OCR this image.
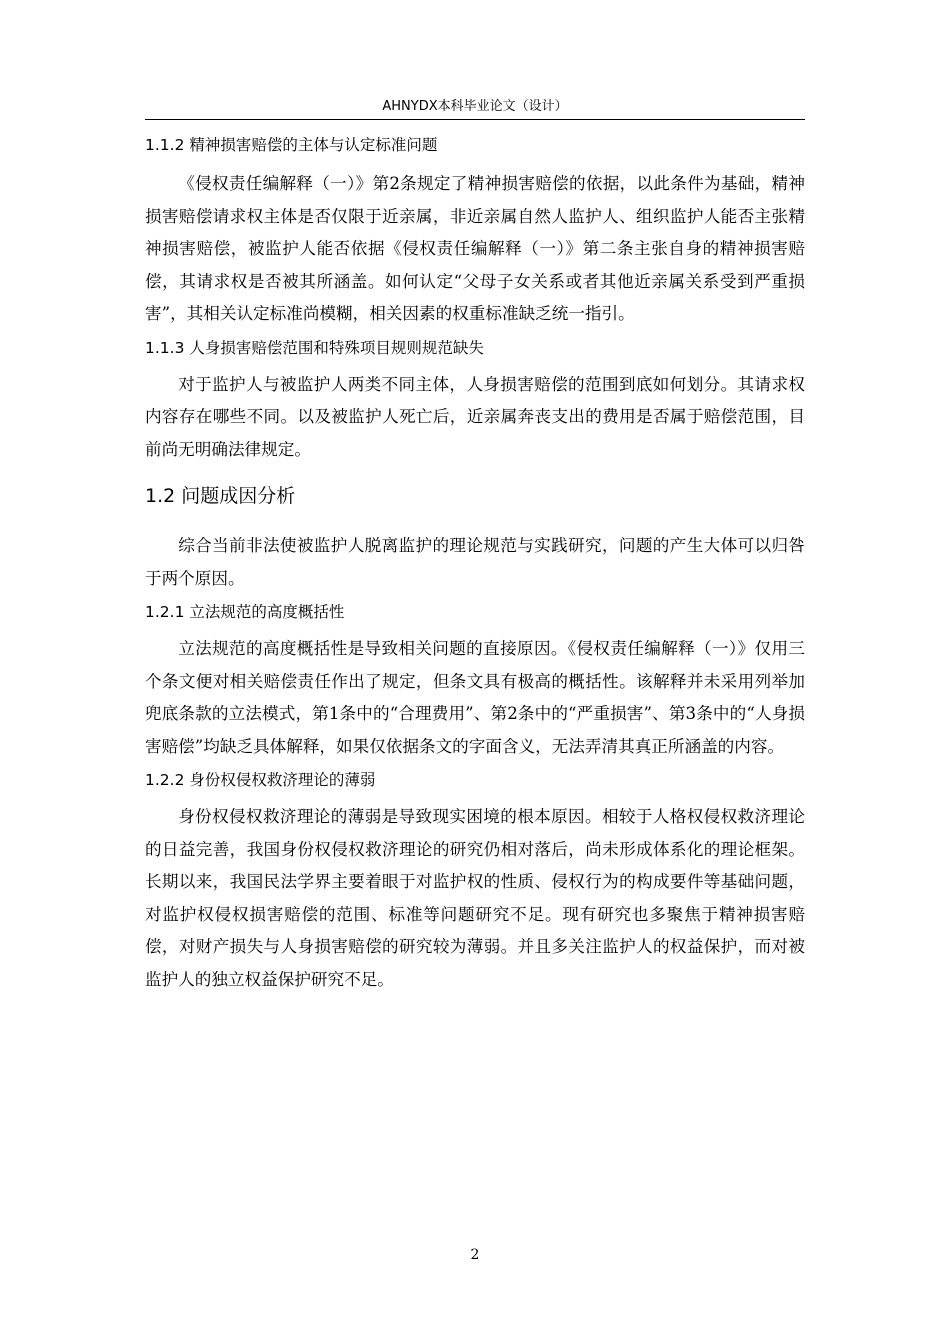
AHNYDX本科毕业论文（设计）
1.1.2 精神损害赔偿的主体与认定标准问题

《侵权责任编解释（一）》第2条规定了精神损害赔偿的依据，以此条件为基础，精神损害赔偿请求权主体是否仅限于近亲属，非近亲属自然人监护人、组织监护人能否主张精神损害赔偿，被监护人能否依据《侵权责任编解释（一）》第二条主张自身的精神损害赔偿，其请求权是否被其所涵盖。如何认定“父母子女关系或者其他近亲属关系受到严重损害”，其相关认定标准尚模糊，相关因素的权重标准缺乏统一指引。

1.1.3 人身损害赔偿范围和特殊项目规则规范缺失

对于监护人与被监护人两类不同主体，人身损害赔偿的范围到底如何划分。其请求权内容存在哪些不同。以及被监护人死亡后，近亲属奔丧支出的费用是否属于赔偿范围，目前尚无明确法律规定。

1.2 问题成因分析

综合当前非法使被监护人脱离监护的理论规范与实践研究，问题的产生大体可以归咎于两个原因。

1.2.1 立法规范的高度概括性

立法规范的高度概括性是导致相关问题的直接原因。《侵权责任编解释（一）》仅用三个条文便对相关赔偿责任作出了规定，但条文具有极高的概括性。该解释并未采用列举加兜底条款的立法模式，第1条中的“合理费用”、第2条中的“严重损害”、第3条中的“人身损害赔偿”均缺乏具体解释，如果仅依据条文的字面含义，无法弄清其真正所涵盖的内容。

1.2.2 身份权侵权救济理论的薄弱

身份权侵权救济理论的薄弱是导致现实困境的根本原因。相较于人格权侵权救济理论的日益完善，我国身份权侵权救济理论的研究仍相对落后，尚未形成体系化的理论框架。长期以来，我国民法学界主要着眼于对监护权的性质、侵权行为的构成要件等基础问题，对监护权侵权损害赔偿的范围、标准等问题研究不足。现有研究也多聚焦于精神损害赔偿，对财产损失与人身损害赔偿的研究较为薄弱。并且多关注监护人的权益保护，而对被监护人的独立权益保护研究不足。

2
